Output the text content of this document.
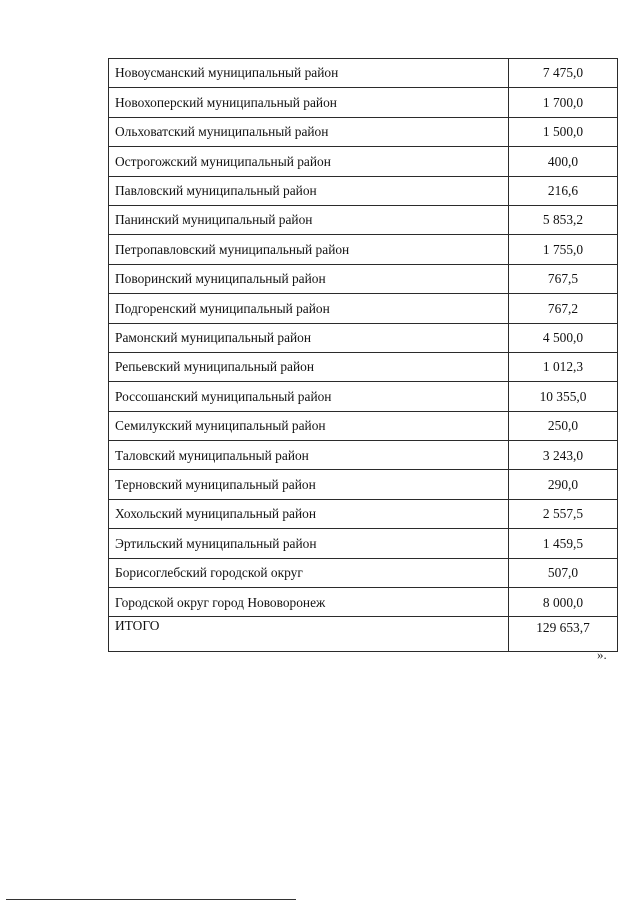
Новоусманский муниципальный район	7 475,0
Новохоперский муниципальный район	1 700,0
Ольховатский муниципальный район	1 500,0
Острогожский муниципальный район	400,0
Павловский муниципальный район	216,6
Панинский муниципальный район	5 853,2
Петропавловский муниципальный район	1 755,0
Поворинский муниципальный район	767,5
Подгоренский муниципальный район	767,2
Рамонский муниципальный район	4 500,0
Репьевский муниципальный район	1 012,3
Россошанский муниципальный район	10 355,0
Семилукский муниципальный район	250,0
Таловский муниципальный район	3 243,0
Терновский муниципальный район	290,0
Хохольский муниципальный район	2 557,5
Эртильский муниципальный район	1 459,5
Борисоглебский городской округ	507,0
Городской округ город Нововоронеж	8 000,0
ИТОГО	129 653,7
».
